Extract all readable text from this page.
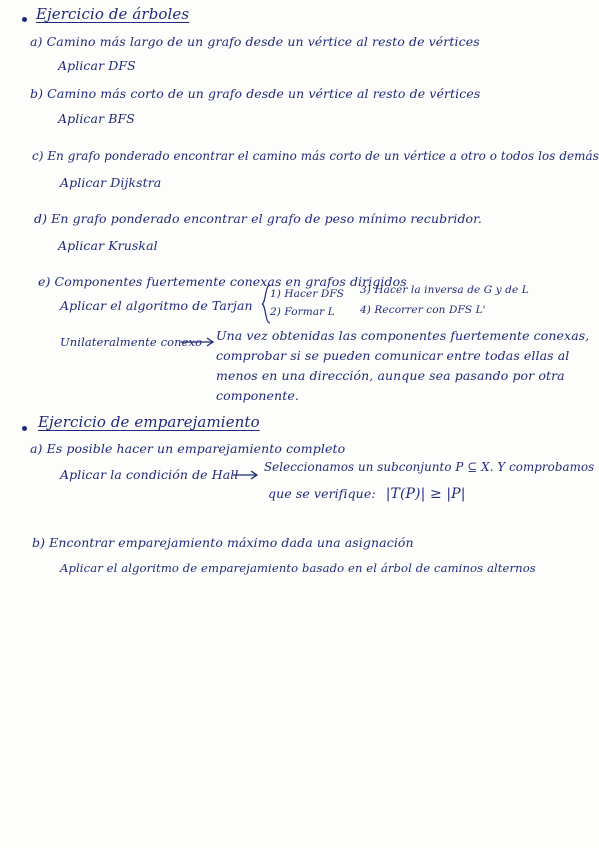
Ejercicio de árboles
a) Camino más largo de un grafo desde un vértice al resto de vértices
Aplicar DFS
b) Camino más corto de un grafo desde un vértice al resto de vértices
Aplicar BFS
c) En grafo ponderado encontrar el camino más corto de un vértice a otro o todos los demás
Aplicar Dijkstra
d) En grafo ponderado encontrar el grafo de peso mínimo recubridor.
Aplicar Kruskal
e) Componentes fuertemente conexas en grafos dirigidos
Aplicar el algoritmo de Tarjan
1) Hacer DFS
2) Formar L
3) Hacer la inversa de G y de L
4) Recorrer con DFS L'
Unilateralmente conexo Una vez obtenidas las componentes fuertemente conexas,
comprobar si se pueden comunicar entre todas ellas al
menos en una dirección, aunque sea pasando por otra
componente.
Ejercicio de emparejamiento
a) Es posible hacer un emparejamiento completo
Aplicar la condición de Hall Seleccionamos un subconjunto P ⊆ X. Y comprobamos
que se verifique: |T(P)| ≥ |P|
b) Encontrar emparejamiento máximo dada una asignación
Aplicar el algoritmo de emparejamiento basado en el árbol de caminos alternos
